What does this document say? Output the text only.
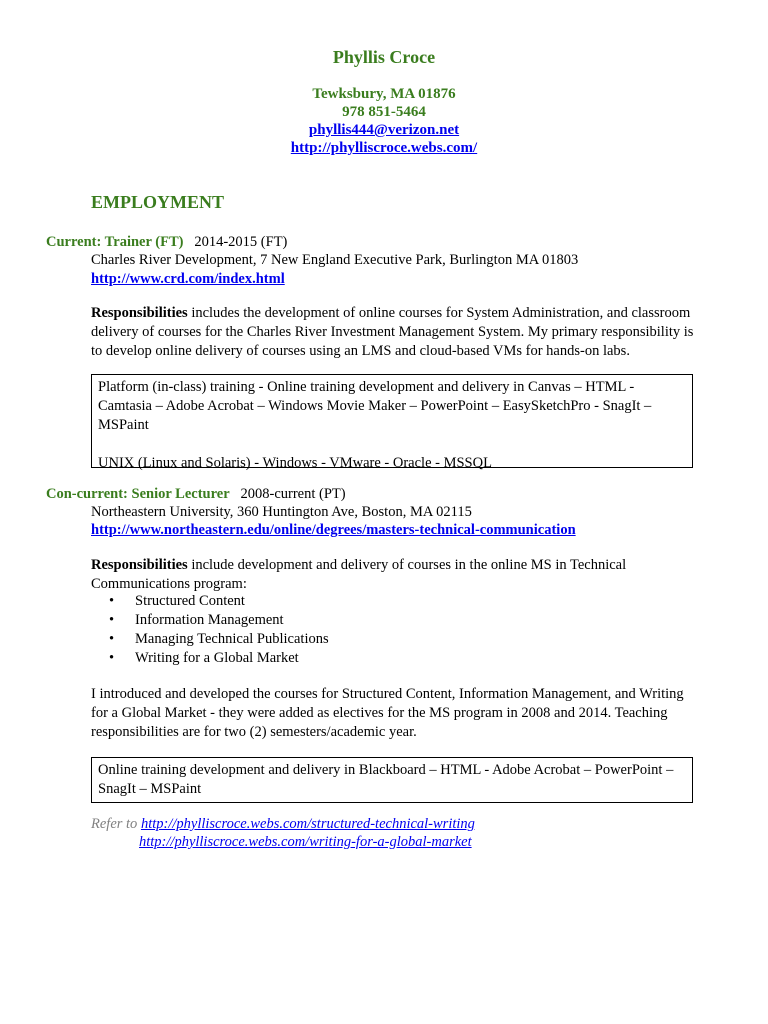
Phyllis Croce
Tewksbury, MA 01876
978 851-5464
phyllis444@verizon.net
http://phylliscroce.webs.com/
EMPLOYMENT
Current: Trainer (FT) 2014-2015 (FT)
Charles River Development, 7 New England Executive Park, Burlington MA 01803
http://www.crd.com/index.html
Responsibilities includes the development of online courses for System Administration, and classroom delivery of courses for the Charles River Investment Management System. My primary responsibility is to develop online delivery of courses using an LMS and cloud-based VMs for hands-on labs.
Platform (in-class) training - Online training development and delivery in Canvas – HTML - Camtasia – Adobe Acrobat – Windows Movie Maker – PowerPoint – EasySketchPro - SnagIt – MSPaint
UNIX (Linux and Solaris) - Windows - VMware - Oracle - MSSQL
Con-current: Senior Lecturer 2008-current (PT)
Northeastern University, 360 Huntington Ave, Boston, MA 02115
http://www.northeastern.edu/online/degrees/masters-technical-communication
Responsibilities include development and delivery of courses in the online MS in Technical Communications program:
• Structured Content
• Information Management
• Managing Technical Publications
• Writing for a Global Market
I introduced and developed the courses for Structured Content, Information Management, and Writing for a Global Market - they were added as electives for the MS program in 2008 and 2014. Teaching responsibilities are for two (2) semesters/academic year.
Online training development and delivery in Blackboard – HTML - Adobe Acrobat – PowerPoint –SnagIt – MSPaint
Refer to http://phylliscroce.webs.com/structured-technical-writing
http://phylliscroce.webs.com/writing-for-a-global-market
